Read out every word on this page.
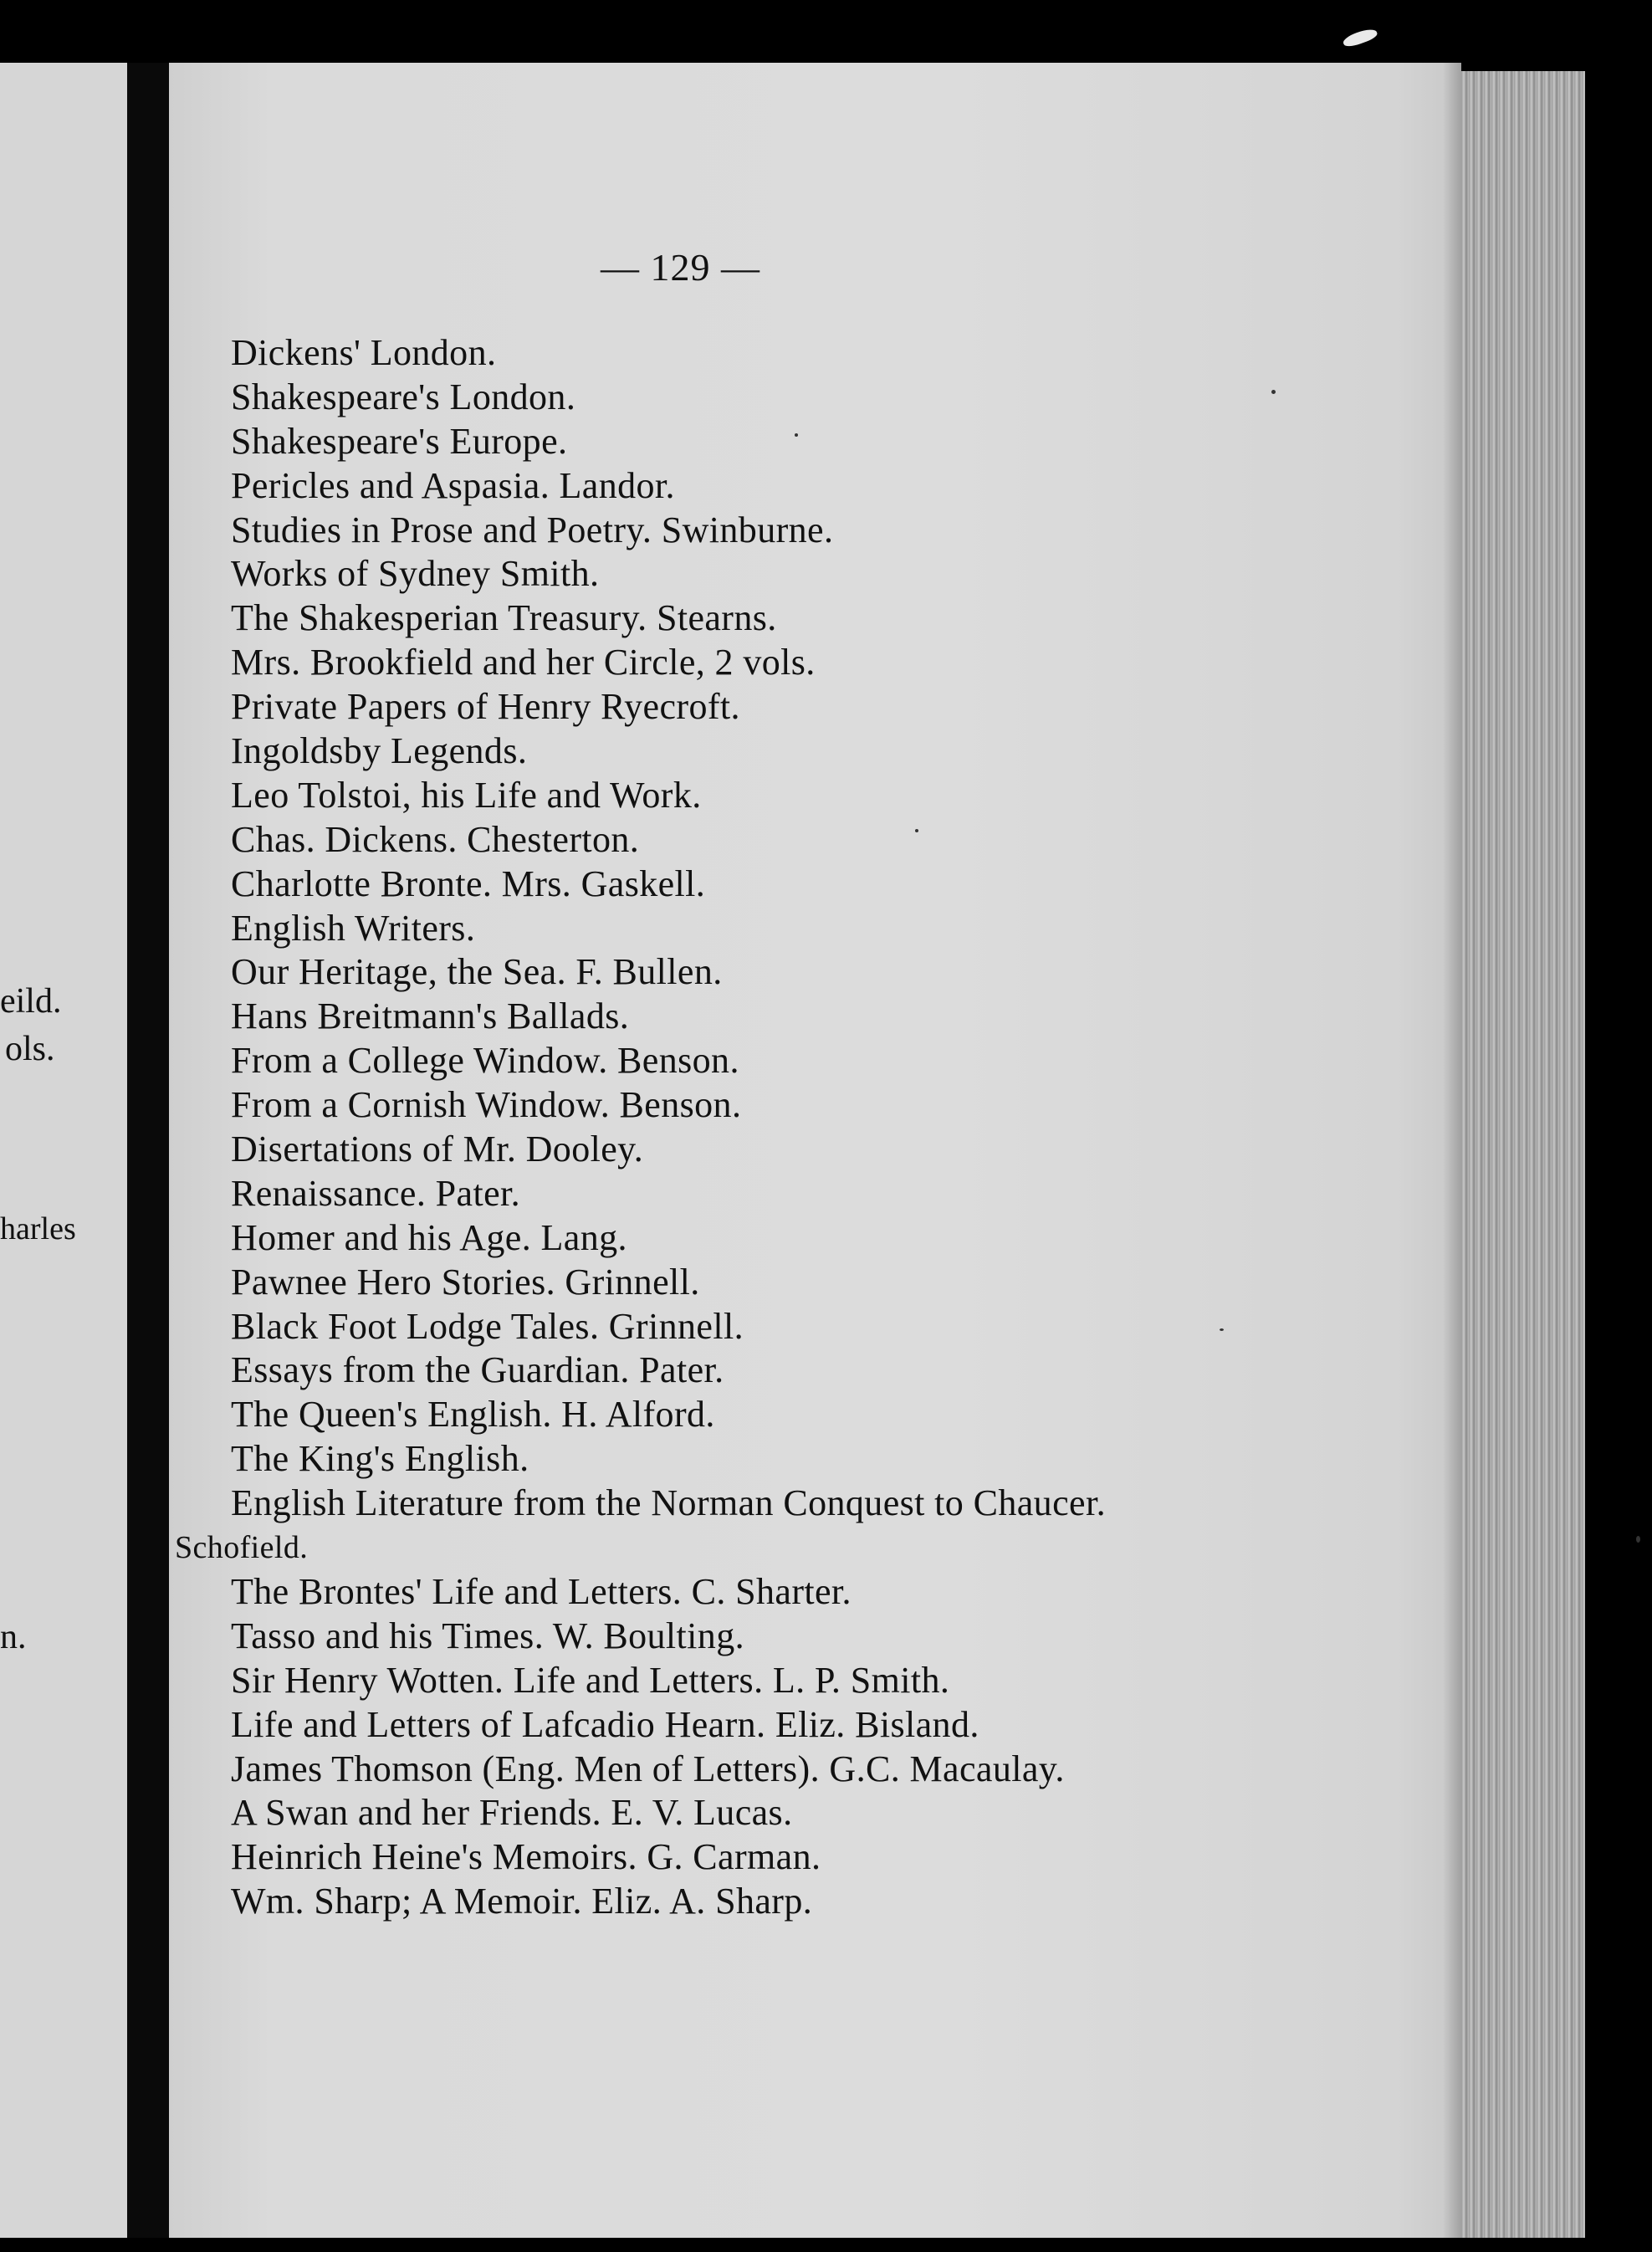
eild.
ols.
harles
n.
— 129 —
Dickens' London.
Shakespeare's London.
Shakespeare's Europe.
Pericles and Aspasia. Landor.
Studies in Prose and Poetry. Swinburne.
Works of Sydney Smith.
The Shakesperian Treasury. Stearns.
Mrs. Brookfield and her Circle, 2 vols.
Private Papers of Henry Ryecroft.
Ingoldsby Legends.
Leo Tolstoi, his Life and Work.
Chas. Dickens. Chesterton.
Charlotte Bronte. Mrs. Gaskell.
English Writers.
Our Heritage, the Sea. F. Bullen.
Hans Breitmann's Ballads.
From a College Window. Benson.
From a Cornish Window. Benson.
Disertations of Mr. Dooley.
Renaissance. Pater.
Homer and his Age. Lang.
Pawnee Hero Stories. Grinnell.
Black Foot Lodge Tales. Grinnell.
Essays from the Guardian. Pater.
The Queen's English. H. Alford.
The King's English.
English Literature from the Norman Conquest to Chaucer.
Schofield.
The Brontes' Life and Letters. C. Sharter.
Tasso and his Times. W. Boulting.
Sir Henry Wotten. Life and Letters. L. P. Smith.
Life and Letters of Lafcadio Hearn. Eliz. Bisland.
James Thomson (Eng. Men of Letters). G.C. Macaulay.
A Swan and her Friends. E. V. Lucas.
Heinrich Heine's Memoirs. G. Carman.
Wm. Sharp; A Memoir. Eliz. A. Sharp.
